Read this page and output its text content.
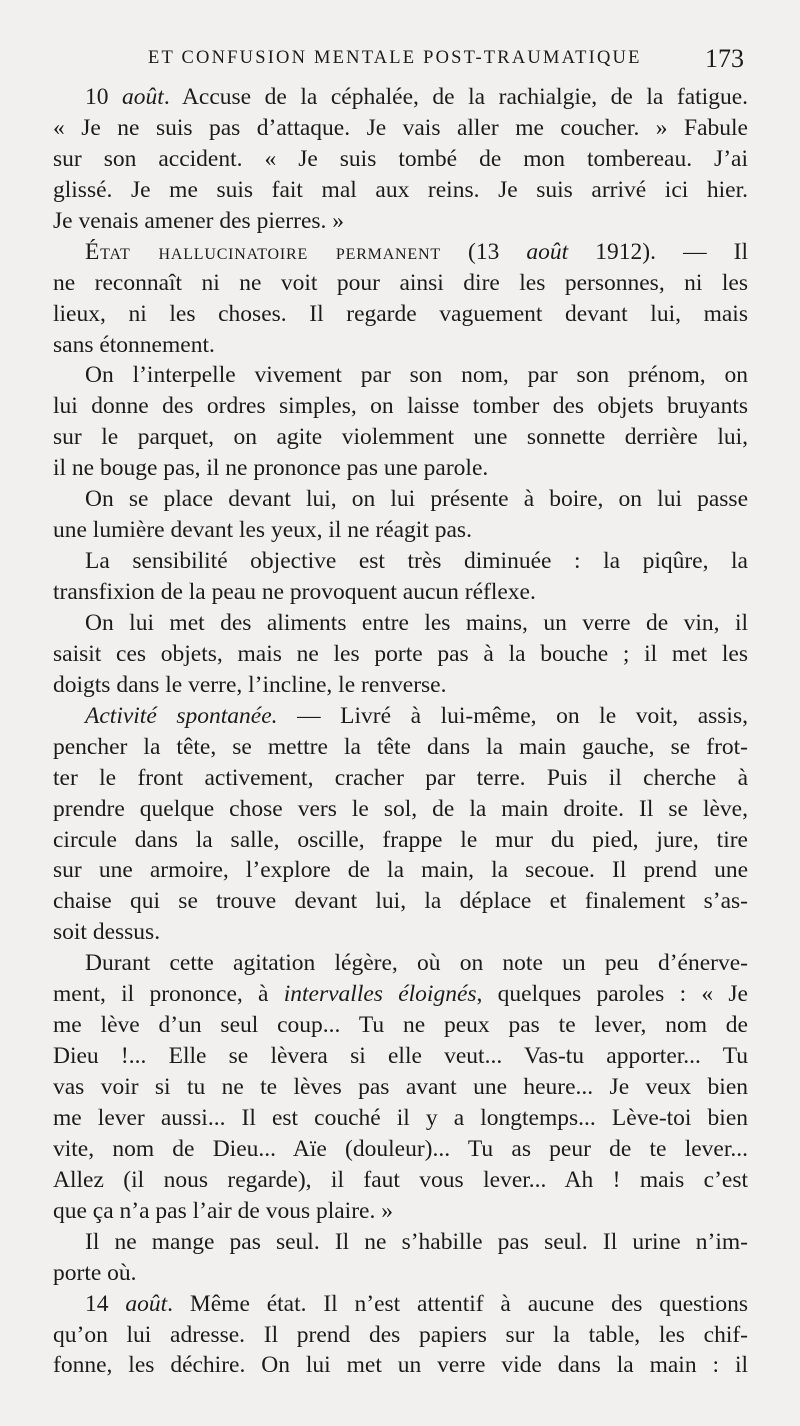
ET CONFUSION MENTALE POST-TRAUMATIQUE 173
10 août. Accuse de la céphalée, de la rachialgie, de la fatigue.
« Je ne suis pas d’attaque. Je vais aller me coucher. » Fabule
sur son accident. « Je suis tombé de mon tombereau. J’ai
glissé. Je me suis fait mal aux reins. Je suis arrivé ici hier.
Je venais amener des pierres. »
État hallucinatoire permanent (13 août 1912). — Il
ne reconnaît ni ne voit pour ainsi dire les personnes, ni les
lieux, ni les choses. Il regarde vaguement devant lui, mais
sans étonnement.
On l’interpelle vivement par son nom, par son prénom, on
lui donne des ordres simples, on laisse tomber des objets bruyants
sur le parquet, on agite violemment une sonnette derrière lui,
il ne bouge pas, il ne prononce pas une parole.
On se place devant lui, on lui présente à boire, on lui passe
une lumière devant les yeux, il ne réagit pas.
La sensibilité objective est très diminuée : la piqûre, la
transfixion de la peau ne provoquent aucun réflexe.
On lui met des aliments entre les mains, un verre de vin, il
saisit ces objets, mais ne les porte pas à la bouche ; il met les
doigts dans le verre, l’incline, le renverse.
Activité spontanée. — Livré à lui-même, on le voit, assis,
pencher la tête, se mettre la tête dans la main gauche, se frot-
ter le front activement, cracher par terre. Puis il cherche à
prendre quelque chose vers le sol, de la main droite. Il se lève,
circule dans la salle, oscille, frappe le mur du pied, jure, tire
sur une armoire, l’explore de la main, la secoue. Il prend une
chaise qui se trouve devant lui, la déplace et finalement s’as-
soit dessus.
Durant cette agitation légère, où on note un peu d’énerve-
ment, il prononce, à intervalles éloignés, quelques paroles : « Je
me lève d’un seul coup... Tu ne peux pas te lever, nom de
Dieu !... Elle se lèvera si elle veut... Vas-tu apporter... Tu
vas voir si tu ne te lèves pas avant une heure... Je veux bien
me lever aussi... Il est couché il y a longtemps... Lève-toi bien
vite, nom de Dieu... Aïe (douleur)... Tu as peur de te lever...
Allez (il nous regarde), il faut vous lever... Ah ! mais c’est
que ça n’a pas l’air de vous plaire. »
Il ne mange pas seul. Il ne s’habille pas seul. Il urine n’im-
porte où.
14 août. Même état. Il n’est attentif à aucune des questions
qu’on lui adresse. Il prend des papiers sur la table, les chif-
fonne, les déchire. On lui met un verre vide dans la main : il
